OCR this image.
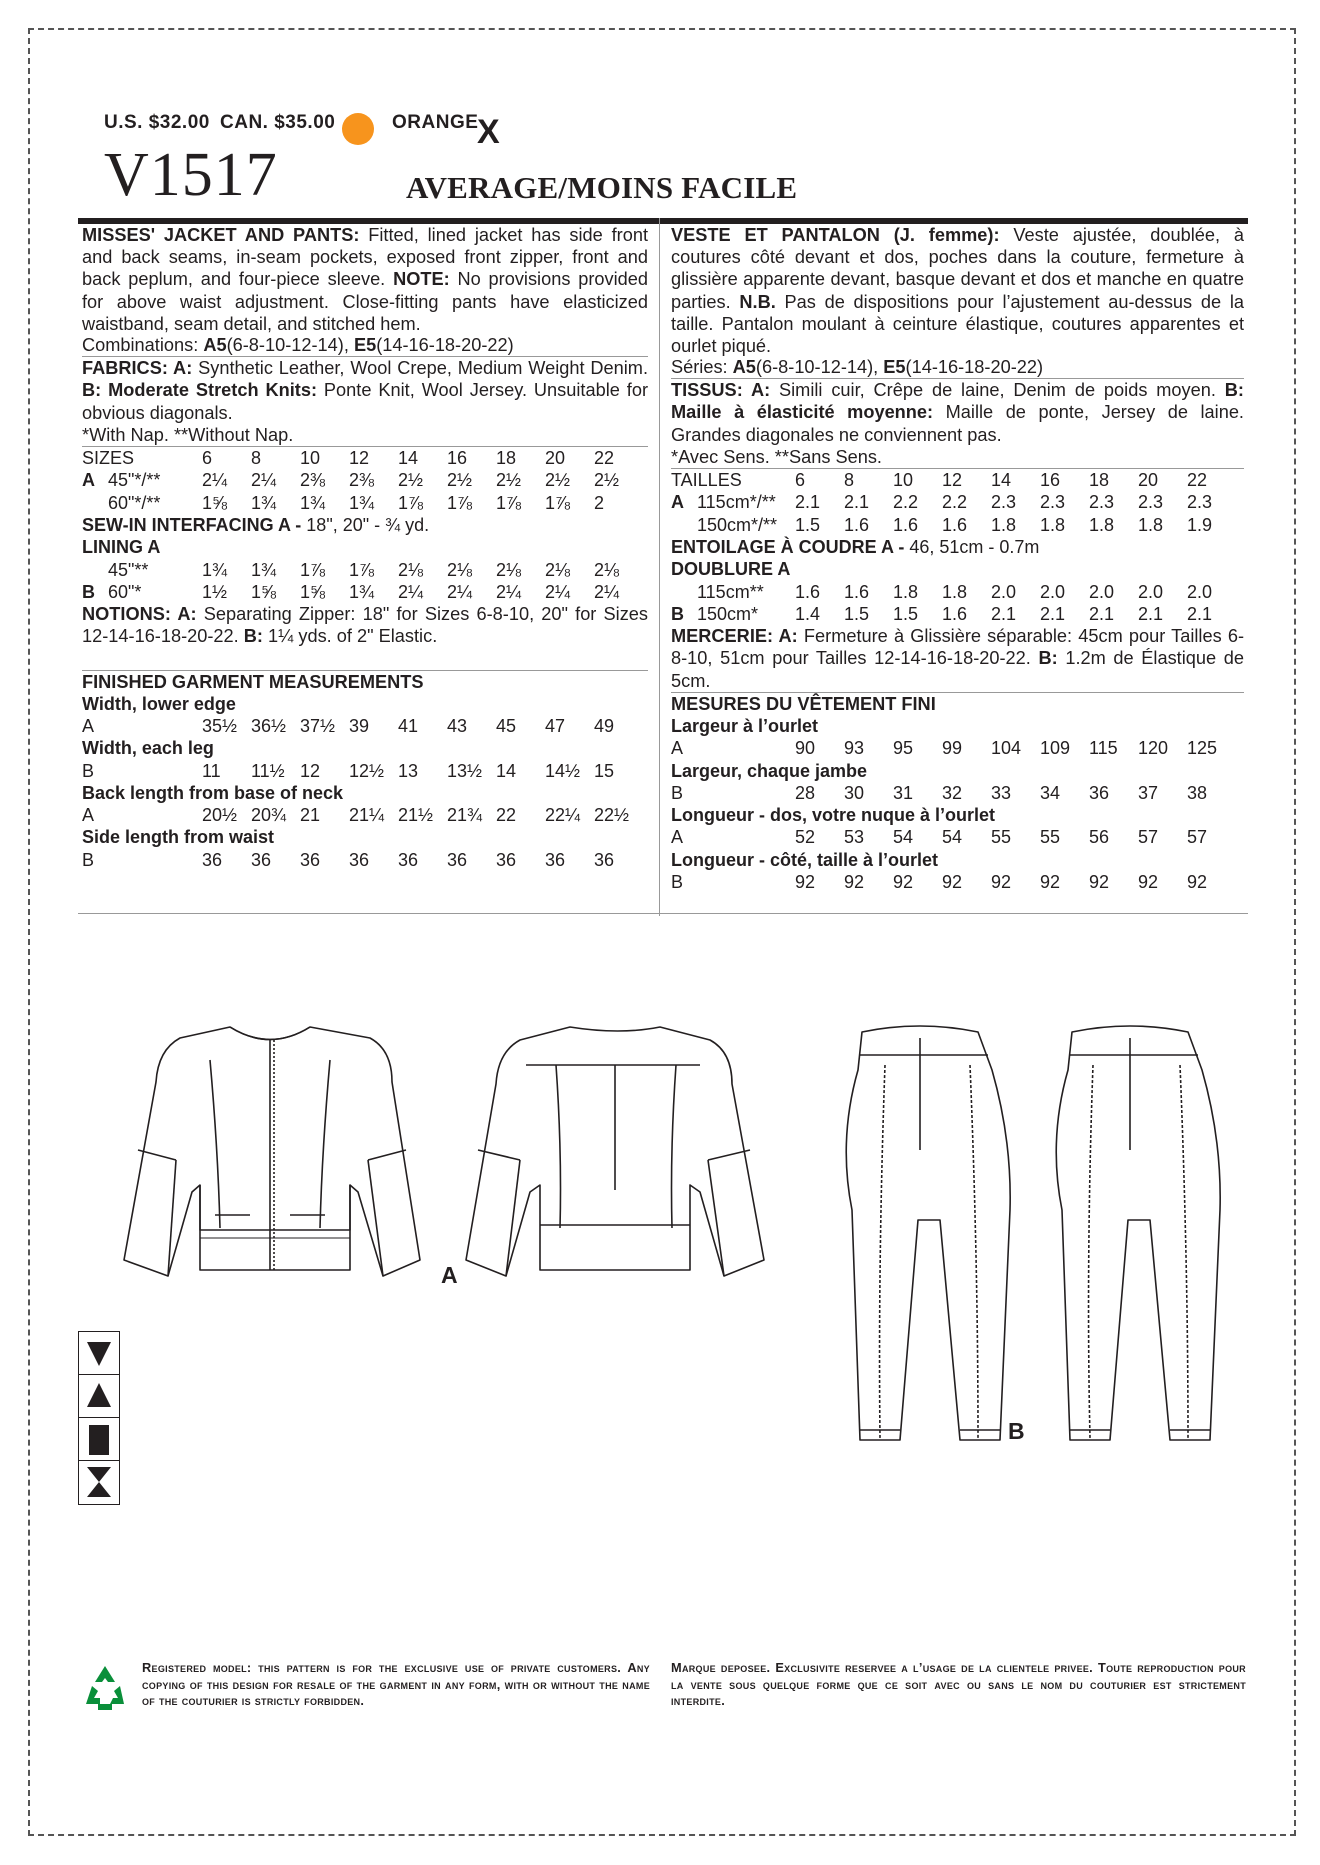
U.S. $32.00 CAN. $35.00	ORANGE
X
V1517	AVERAGE/MOINS FACILE

MISSES' JACKET AND PANTS: Fitted, lined jacket has side front and back seams, in-seam pockets, exposed front zipper, front and back peplum, and four-piece sleeve. NOTE: No provisions provided for above waist adjustment. Close-fitting pants have elasticized waistband, seam detail, and stitched hem.

Combinations: A5(6-8-10-12-14), E5(14-16-18-20-22)

FABRICS: A: Synthetic Leather, Wool Crepe, Medium Weight Denim. B: Moderate Stretch Knits: Ponte Knit, Wool Jersey. Unsuitable for obvious diagonals.

*With Nap. **Without Nap.

SIZES	6	8	10	12	14	16	18	20	22
A 45"*/**	2¼	2¼	2⅜	2⅜	2½	2½	2½	2½	2½
60"*/**	1⅝	1¾	1¾	1¾	1⅞	1⅞	1⅞	1⅞	2
SEW-IN INTERFACING A - 18", 20" - ¾ yd.									
LINING A									
45"**	1¾	1¾	1⅞	1⅞	2⅛	2⅛	2⅛	2⅛	2⅛
B 60"*	1½	1⅝	1⅝	1¾	2¼	2¼	2¼	2¼	2¼

NOTIONS: A: Separating Zipper: 18" for Sizes 6-8-10, 20" for Sizes 12-14-16-18-20-22. B: 1¼ yds. of 2" Elastic.

FINISHED GARMENT MEASUREMENTS

Width, lower edge									
A	35½	36½	37½	39	41	43	45	47	49
Width, each leg									
B	11	11½	12	12½	13	13½	14	14½	15
Back length from base of neck									
A	20½	20¾	21	21¼	21½	21¾	22	22¼	22½
Side length from waist									
B	36	36	36	36	36	36	36	36	36

VESTE ET PANTALON (J. femme): Veste ajustée, doublée, à coutures côté devant et dos, poches dans la couture, fermeture à glissière apparente devant, basque devant et dos et manche en quatre parties. N.B. Pas de dispositions pour l’ajustement au-dessus de la taille. Pantalon moulant à ceinture élastique, coutures apparentes et ourlet piqué.

Séries: A5(6-8-10-12-14), E5(14-16-18-20-22)

TISSUS: A: Simili cuir, Crêpe de laine, Denim de poids moyen. B: Maille à élasticité moyenne: Maille de ponte, Jersey de laine. Grandes diagonales ne conviennent pas.

*Avec Sens. **Sans Sens.

TAILLES	6	8	10	12	14	16	18	20	22
A 115cm*/**	2.1	2.1	2.2	2.2	2.3	2.3	2.3	2.3	2.3
150cm*/**	1.5	1.6	1.6	1.6	1.8	1.8	1.8	1.8	1.9
ENTOILAGE À COUDRE A - 46, 51cm - 0.7m									
DOUBLURE A									
115cm**	1.6	1.6	1.8	1.8	2.0	2.0	2.0	2.0	2.0
B 150cm*	1.4	1.5	1.5	1.6	2.1	2.1	2.1	2.1	2.1

MERCERIE: A: Fermeture à Glissière séparable: 45cm pour Tailles 6-8-10, 51cm pour Tailles 12-14-16-18-20-22. B: 1.2m de Élastique de 5cm.

MESURES DU VÊTEMENT FINI

Largeur à l’ourlet									
A	90	93	95	99	104	109	115	120	125
Largeur, chaque jambe									
B	28	30	31	32	33	34	36	37	38
Longueur - dos, votre nuque à l’ourlet									
A	52	53	54	54	55	55	56	57	57
Longueur - côté, taille à l’ourlet									
B	92	92	92	92	92	92	92	92	92
A
B
Registered model: this pattern is for the exclusive use of private customers. Any copying of this design for resale of the garment in any form, with or without the name of the couturier is strictly forbidden.
Marque deposee. Exclusivite reservee a l’usage de la clientele privee. Toute reproduction pour la vente sous quelque forme que ce soit avec ou sans le nom du couturier est strictement interdite.
